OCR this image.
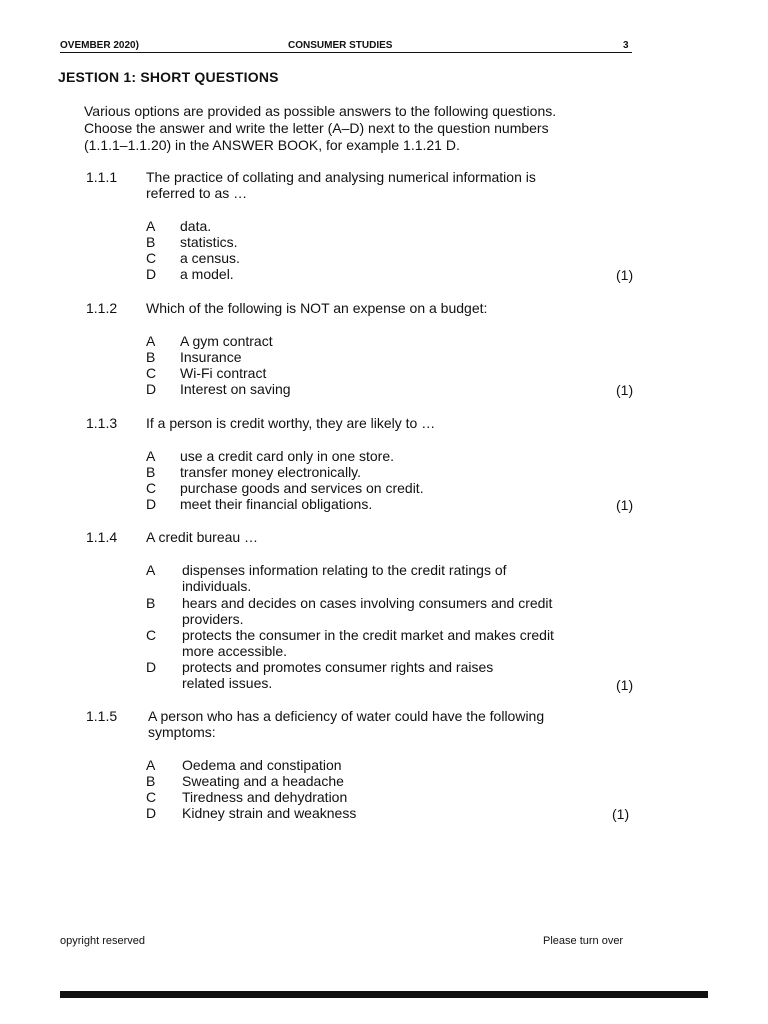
OVEMBER 2020)	CONSUMER STUDIES	3
JESTION 1: SHORT QUESTIONS
Various options are provided as possible answers to the following questions.
Choose the answer and write the letter (A–D) next to the question numbers
(1.1.1–1.1.20) in the ANSWER BOOK, for example 1.1.21 D.
1.1.1 The practice of collating and analysing numerical information is
referred to as …
A data.
B statistics.
C a census.
D a model.	(1)
1.1.2 Which of the following is NOT an expense on a budget:
A A gym contract
B Insurance
C Wi-Fi contract
D Interest on saving	(1)
1.1.3 If a person is credit worthy, they are likely to …
A use a credit card only in one store.
B transfer money electronically.
C purchase goods and services on credit.
D meet their financial obligations.	(1)
1.1.4 A credit bureau …
A dispenses information relating to the credit ratings of
individuals.
B hears and decides on cases involving consumers and credit
providers.
C protects the consumer in the credit market and makes credit
more accessible.
D protects and promotes consumer rights and raises
related issues.	(1)
1.1.5 A person who has a deficiency of water could have the following
symptoms:
A Oedema and constipation
B Sweating and a headache
C Tiredness and dehydration
D Kidney strain and weakness	(1)
opyright reserved	Please turn over
